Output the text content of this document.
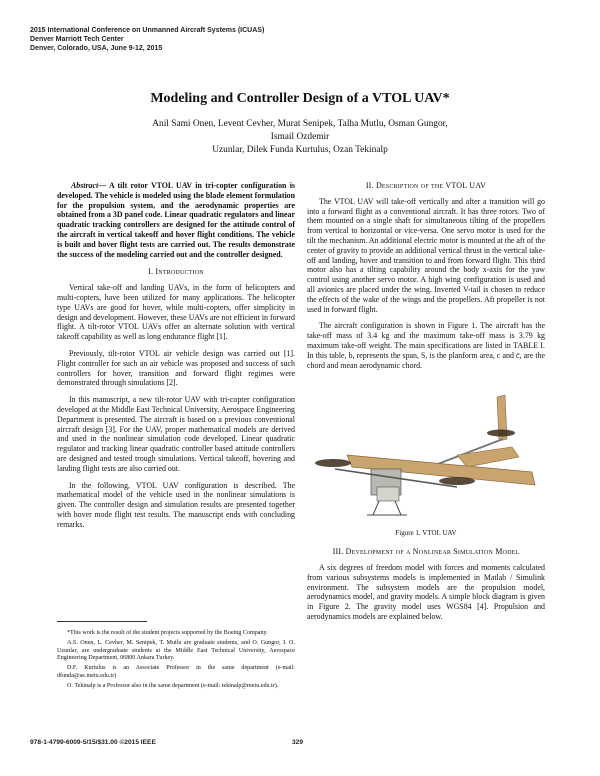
2015 International Conference on Unmanned Aircraft Systems (ICUAS)
Denver Marriott Tech Center
Denver, Colorado, USA, June 9-12, 2015
Modeling and Controller Design of a VTOL UAV*
Anil Sami Onen, Levent Cevher, Murat Senipek, Talha Mutlu, Osman Gungor, Ismail Ozdemir
Uzunlar, Dilek Funda Kurtulus, Ozan Tekinalp

Abstract— A tilt rotor VTOL UAV in tri-copter configuration is developed. The vehicle is modeled using the blade element formulation for the propulsion system, and the aerodynamic properties are obtained from a 3D panel code. Linear quadratic regulators and linear quadratic tracking controllers are designed for the attitude control of the aircraft in vertical takeoff and hover flight conditions. The vehicle is built and hover flight tests are carried out. The results demonstrate the success of the modeling carried out and the controller designed.

I. Introduction

Vertical take-off and landing UAVs, in the form of helicopters and multi-copters, have been utilized for many applications. The helicopter type UAVs are good for hover, while multi-copters, offer simplicity in design and development. However, these UAVs are not efficient in forward flight. A tilt-rotor VTOL UAVs offer an alternate solution with vertical takeoff capability as well as long endurance flight [1].

Previously, tilt-rotor VTOL air vehicle design was carried out [1]. Flight controller for such an air vehicle was proposed and success of such controllers for hover, transition and forward flight regimes were demonstrated through simulations [2].

In this manuscript, a new tilt-rotor UAV with tri-copter configuration developed at the Middle East Technical University, Aerospace Engineering Department is presented. The aircraft is based on a previous conventional aircraft design [3]. For the UAV, proper mathematical models are derived and used in the nonlinear simulation code developed. Linear quadratic regulator and tracking linear quadratic controller based attitude controllers are designed and tested trough simulations. Vertical takeoff, hovering and landing flight tests are also carried out.

In the following, VTOL UAV configuration is described. The mathematical model of the vehicle used in the nonlinear simulations is given. The controller design and simulation results are presented together with hover mode flight test results. The manuscript ends with concluding remarks.

*This work is the result of the student projects supported by the Boeing Company.

A.S. Onen, L. Cevher, M. Senipek, T. Mutlu are graduate students, and O. Gungor, I. O. Uzunlar, are undergraduate students at the Middle East Technical University, Aerospace Engineering Department, 06800 Ankara Turkey.

D.F. Kurtulus is an Associate Professor in the same department (e-mail: dfunda@ae.metu.edu.tr)

O. Tekinalp is a Professor also in the same department (e-mail: tekinalp@metu.edu.tr).

II. Description of the VTOL UAV

The VTOL UAV will take-off vertically and after a transition will go into a forward flight as a conventional aircraft. It has three rotors. Two of them mounted on a single shaft for simultaneous tilting of the propellers from vertical to horizontal or vice-versa. One servo motor is used for the tilt the mechanism. An additional electric motor is mounted at the aft of the center of gravity to provide an additional vertical thrust in the vertical take-off and landing, hover and transition to and from forward flight. This third motor also has a tilting capability around the body x-axis for the yaw control using another servo motor. A high wing configuration is used and all avionics are placed under the wing. Inverted V-tail is chosen to reduce the effects of the wake of the wings and the propellers. Aft propeller is not used in forward flight.

The aircraft configuration is shown in Figure 1. The aircraft has the take-off mass of 3.4 kg and the maximum take-off mass is 3.79 kg maximum take-off weight. The main specifications are listed in TABLE I. In this table, b, represents the span, S, is the planform area, c and c̄, are the chord and mean aerodynamic chord.

Figure 1. VTOL UAV
III. Development of a Nonlinear Simulation Model

A six degrees of freedom model with forces and moments calculated from various subsystems models is implemented in Matlab / Simulink environment. The subsystem models are the propulsion model, aerodynamics model, and gravity models. A simple block diagram is given in Figure 2. The gravity model uses WGS84 [4]. Propulsion and aerodynamics models are explained below.

978-1-4799-6009-5/15/$31.00 ©2015 IEEE	329
